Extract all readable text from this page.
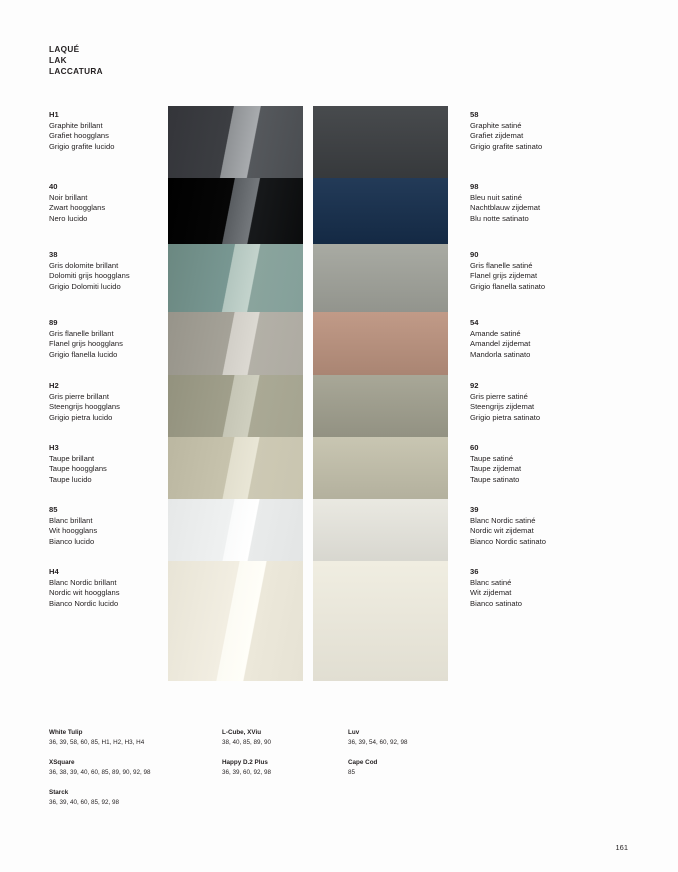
LAQUÉ
LAK
LACCATURA
H1
Graphite brillant
Grafiet hoogglans
Grigio grafite lucido
58
Graphite satiné
Grafiet zijdemat
Grigio grafite satinato
40
Noir brillant
Zwart hoogglans
Nero lucido
98
Bleu nuit satiné
Nachtblauw zijdemat
Blu notte satinato
38
Gris dolomite brillant
Dolomiti grijs hoogglans
Grigio Dolomiti lucido
90
Gris flanelle satiné
Flanel grijs zijdemat
Grigio flanella satinato
89
Gris flanelle brillant
Flanel grijs hoogglans
Grigio flanella lucido
54
Amande satiné
Amandel zijdemat
Mandorla satinato
H2
Gris pierre brillant
Steengrijs hoogglans
Grigio pietra lucido
92
Gris pierre satiné
Steengrijs zijdemat
Grigio pietra satinato
H3
Taupe brillant
Taupe hoogglans
Taupe lucido
60
Taupe satiné
Taupe zijdemat
Taupe satinato
85
Blanc brillant
Wit hoogglans
Bianco lucido
39
Blanc Nordic satiné
Nordic wit zijdemat
Bianco Nordic satinato
H4
Blanc Nordic brillant
Nordic wit hoogglans
Bianco Nordic lucido
36
Blanc satiné
Wit zijdemat
Bianco satinato
White Tulip
36, 39, 58, 60, 85, H1, H2, H3, H4
XSquare
36, 38, 39, 40, 60, 85, 89, 90, 92, 98
Starck
36, 39, 40, 60, 85, 92, 98
L-Cube, XViu
38, 40, 85, 89, 90
Happy D.2 Plus
36, 39, 60, 92, 98
Luv
36, 39, 54, 60, 92, 98
Cape Cod
85
161
